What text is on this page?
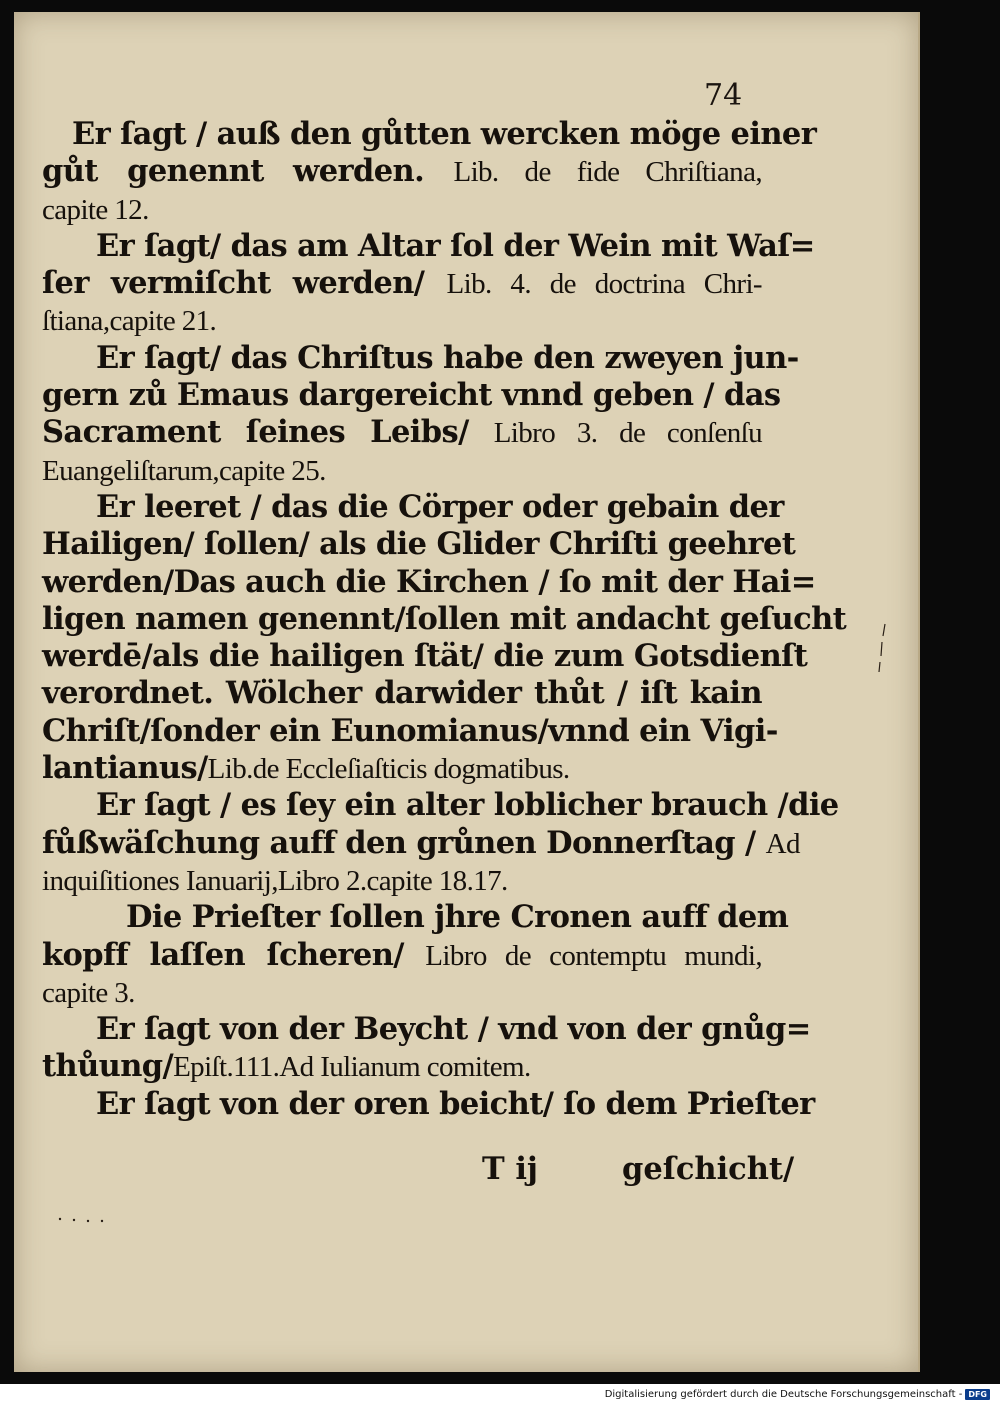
74
Er ſagt / auß den gůtten wercken möge einer
gůt genennt werden. Lib. de fide Chriſtiana,
capite 12.
Er ſagt/ das am Altar ſol der Wein mit Waſ=
ſer vermiſcht werden/ Lib. 4. de doctrina Chri-
ſtiana,capite 21.
Er ſagt/ das Chriſtus habe den zweyen jun-
gern zů Emaus dargereicht vnnd geben / das
Sacrament ſeines Leibs/ Libro 3. de conſenſu
Euangeliſtarum,capite 25.
Er leeret / das die Cörper oder gebain der
Hailigen/ ſollen/ als die Glider Chriſti geehret
werden/Das auch die Kirchen / ſo mit der Hai=
ligen namen genennt/ſollen mit andacht geſucht
werdē/als die hailigen ſtät/ die zum Gotsdienſt
verordnet. Wölcher darwider thůt / iſt kain
Chriſt/ſonder ein Eunomianus/vnnd ein Vigi-
lantianus/Lib.de Eccleſiaſticis dogmatibus.
Er ſagt / es ſey ein alter loblicher brauch /die
fůßwäſchung auff den grůnen Donnerſtag / Ad
inquiſitiones Ianuarij,Libro 2.capite 18.17.
Die Prieſter ſollen jhre Cronen auff dem
kopff laſſen ſcheren/ Libro de contemptu mundi,
capite 3.
Er ſagt von der Beycht / vnd von der gnůg=
thůung/Epiſt.111.Ad Iulianum comitem.
Er ſagt von der oren beicht/ ſo dem Prieſter
T ij	geſchicht/
Digitalisierung gefördert durch die Deutsche Forschungsgemeinschaft - DFG
